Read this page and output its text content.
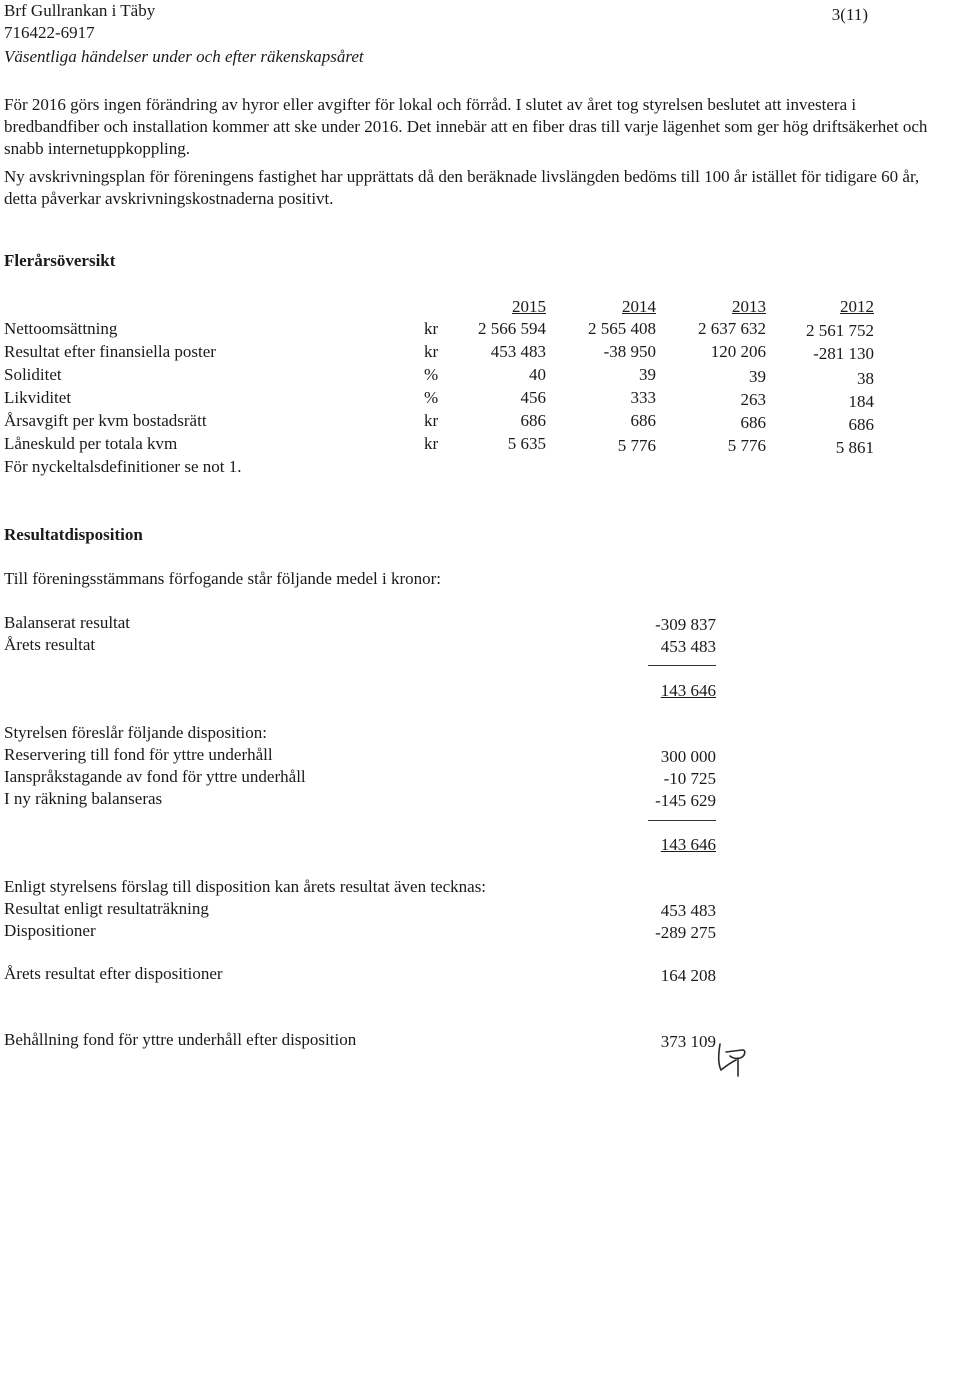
Brf Gullrankan i Täby
716422-6917
Väsentliga händelser under och efter räkenskapsåret
3(11)
För 2016 görs ingen förändring av hyror eller avgifter för lokal och förråd. I slutet av året tog styrelsen beslutet att investera i bredbandfiber och installation kommer att ske under 2016. Det innebär att en fiber dras till varje lägenhet som ger hög driftsäkerhet och snabb internetuppkoppling.
Ny avskrivningsplan för föreningens fastighet har upprättats då den beräknade livslängden bedöms till 100 år istället för tidigare 60 år, detta påverkar avskrivningskostnaderna positivt.
Flerårsöversikt
2015	2014	2013	2012
Nettoomsättning	kr	2 566 594	2 565 408	2 637 632	2 561 752
Resultat efter finansiella poster	kr	453 483	-38 950	120 206	-281 130
Soliditet	%	40	39	39	38
Likviditet	%	456	333	263	184
Årsavgift per kvm bostadsrätt	kr	686	686	686	686
Låneskuld per totala kvm	kr	5 635	5 776	5 776	5 861
För nyckeltalsdefinitioner se not 1.
Resultatdisposition
Till föreningsstämmans förfogande står följande medel i kronor:
Balanserat resultat	-309 837
Årets resultat	453 483
143 646
Styrelsen föreslår följande disposition:
Reservering till fond för yttre underhåll	300 000
Ianspråkstagande av fond för yttre underhåll	-10 725
I ny räkning balanseras	-145 629
143 646
Enligt styrelsens förslag till disposition kan årets resultat även tecknas:
Resultat enligt resultaträkning	453 483
Dispositioner	-289 275
Årets resultat efter dispositioner	164 208
Behållning fond för yttre underhåll efter disposition	373 109
